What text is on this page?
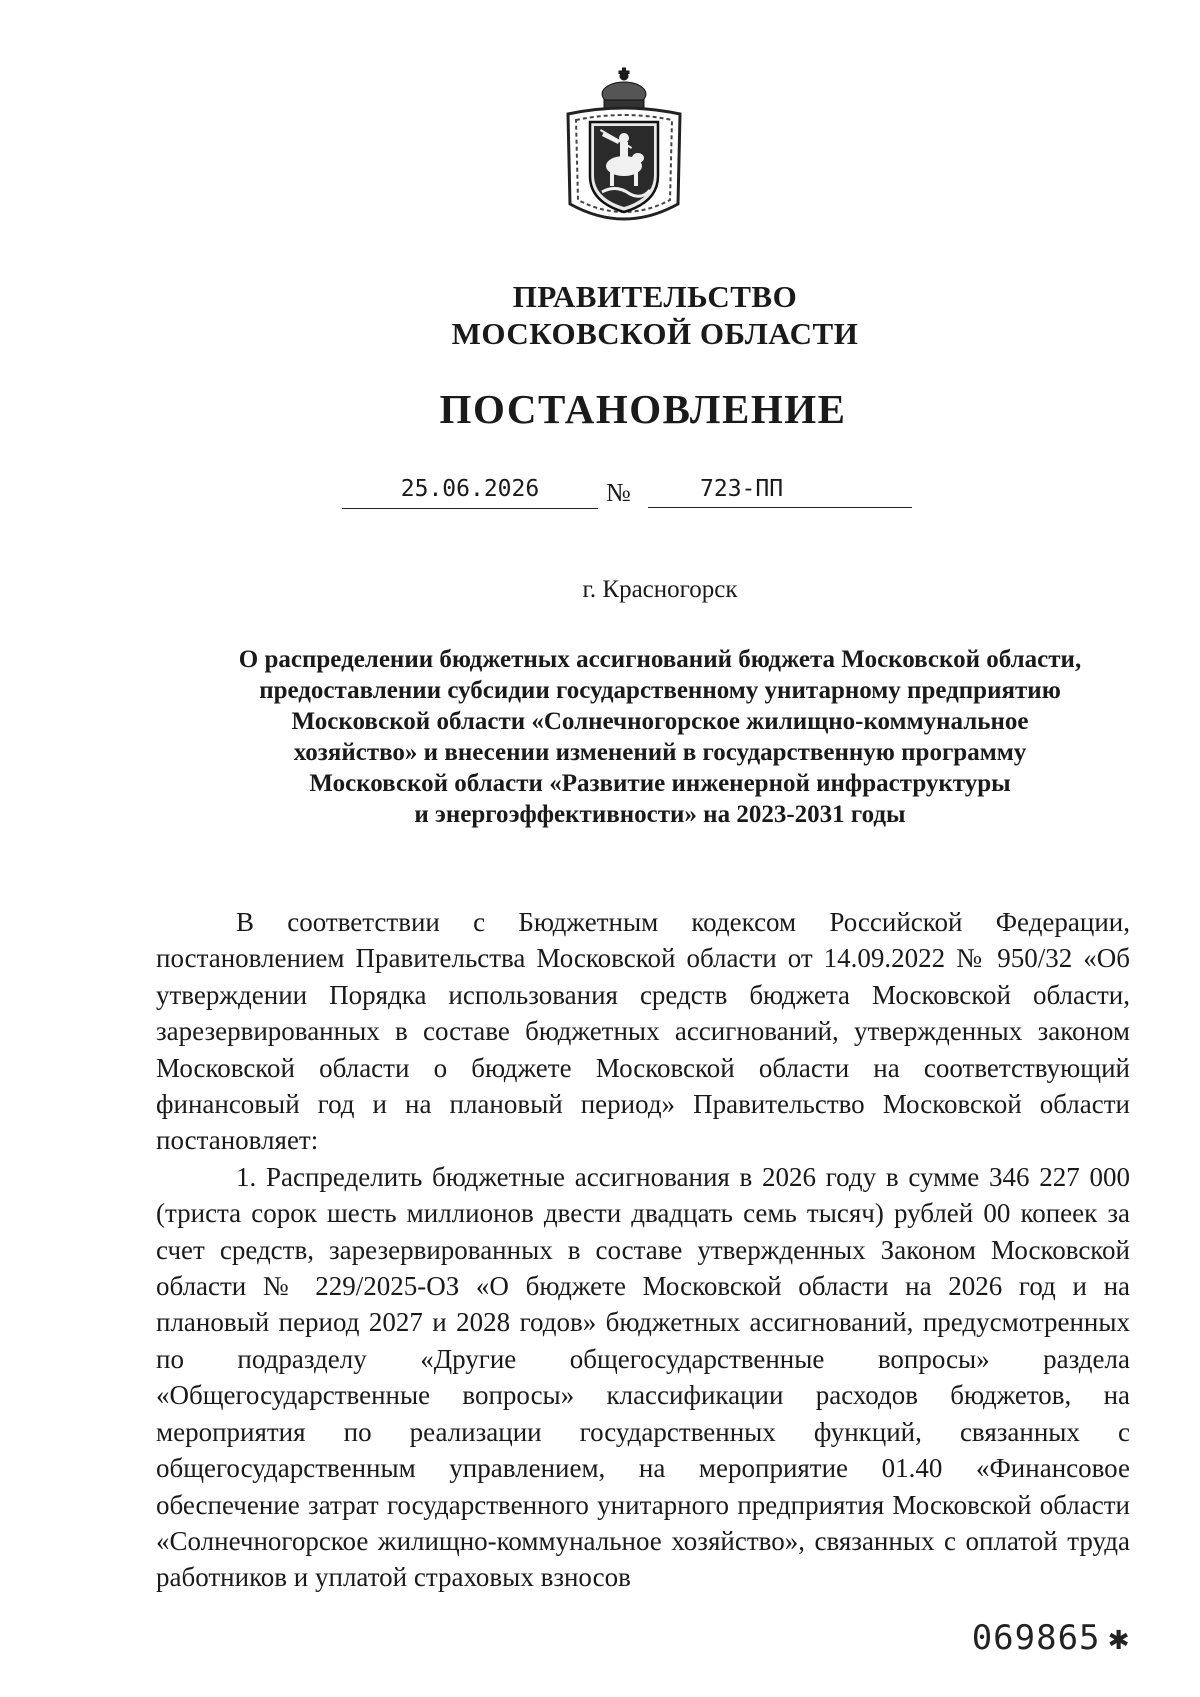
ПРАВИТЕЛЬСТВО
МОСКОВСКОЙ ОБЛАСТИ

ПОСТАНОВЛЕНИЕ

25.06.2026	№	723-ПП

г. Красногорск

О распределении бюджетных ассигнований бюджета Московской области,
предоставлении субсидии государственному унитарному предприятию
Московской области «Солнечногорское жилищно-коммунальное
хозяйство» и внесении изменений в государственную программу
Московской области «Развитие инженерной инфраструктуры
и энергоэффективности» на 2023-2031 годы

В соответствии с Бюджетным кодексом Российской Федерации, постановлением Правительства Московской области от 14.09.2022 № 950/32 «Об утверждении Порядка использования средств бюджета Московской области, зарезервированных в составе бюджетных ассигнований, утвержденных законом Московской области о бюджете Московской области на соответствующий финансовый год и на плановый период» Правительство Московской области постановляет:

1. Распределить бюджетные ассигнования в 2026 году в сумме 346 227 000 (триста сорок шесть миллионов двести двадцать семь тысяч) рублей 00 копеек за счет средств, зарезервированных в составе утвержденных Законом Московской области № 229/2025-ОЗ «О бюджете Московской области на 2026 год и на плановый период 2027 и 2028 годов» бюджетных ассигнований, предусмотренных по подразделу «Другие общегосударственные вопросы» раздела «Общегосударственные вопросы» классификации расходов бюджетов, на мероприятия по реализации государственных функций, связанных с общегосударственным управлением, на мероприятие 01.40 «Финансовое обеспечение затрат государственного унитарного предприятия Московской области «Солнечногорское жилищно-коммунальное хозяйство», связанных с оплатой труда работников и уплатой страховых взносов

069865 ✱
